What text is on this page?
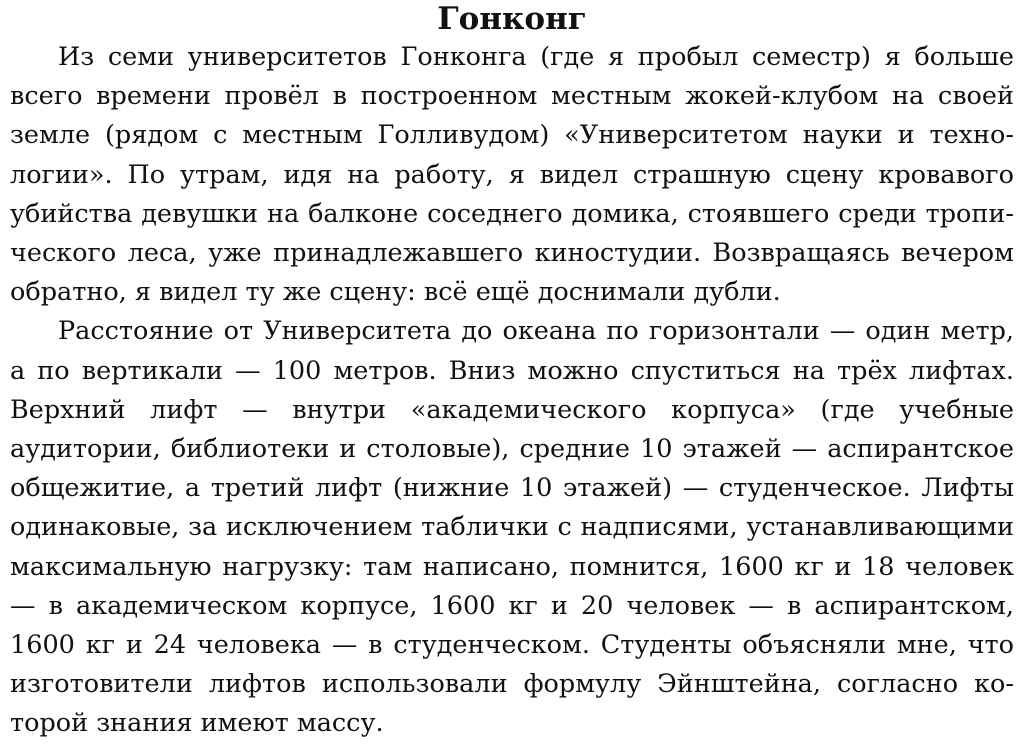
Гонконг

Из семи университетов Гонконга (где я пробыл семестр) я больше всего времени провёл в построенном местным жокей-клубом на своей земле (рядом с местным Голливудом) «Университетом науки и технологии». По утрам, идя на работу, я видел страшную сцену кровавого убийства девушки на балконе соседнего домика, стоявшего среди тропического леса, уже принадлежавшего киностудии. Возвращаясь вечером обратно, я видел ту же сцену: всё ещё доснимали дубли.

Расстояние от Университета до океана по горизонтали — один метр, а по вертикали — 100 метров. Вниз можно спуститься на трёх лифтах. Верхний лифт — внутри «академического корпуса» (где учебные аудитории, библиотеки и столовые), средние 10 этажей — аспирантское общежитие, а третий лифт (нижние 10 этажей) — студенческое. Лифты одинаковые, за исключением таблички с надписями, устанавливающими максимальную нагрузку: там написано, помнится, 1600 кг и 18 человек — в академическом корпусе, 1600 кг и 20 человек — в аспирантском, 1600 кг и 24 человека — в студенческом. Студенты объясняли мне, что изготовители лифтов использовали формулу Эйнштейна, согласно которой знания имеют массу.
